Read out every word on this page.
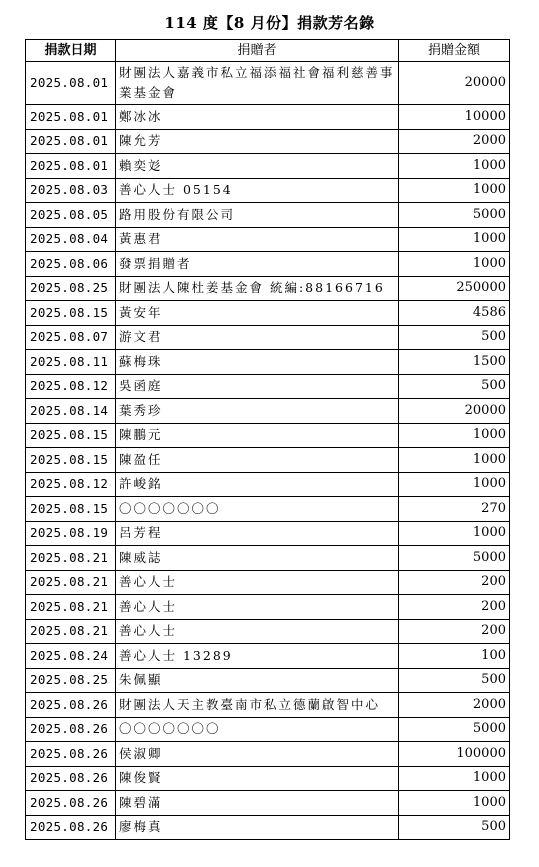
114 度【8 月份】捐款芳名錄
捐款日期	捐贈者	捐贈金額
2025.08.01	財團法人嘉義市私立福添福社會福利慈善事業基金會	20000
2025.08.01	鄭冰冰	10000
2025.08.01	陳允芳	2000
2025.08.01	賴奕彣	1000
2025.08.03	善心人士 05154	1000
2025.08.05	路用股份有限公司	5000
2025.08.04	黃惠君	1000
2025.08.06	發票捐贈者	1000
2025.08.25	財團法人陳杜姜基金會 統編:88166716	250000
2025.08.15	黃安年	4586
2025.08.07	游文君	500
2025.08.11	蘇梅珠	1500
2025.08.12	吳函庭	500
2025.08.14	葉秀珍	20000
2025.08.15	陳鵬元	1000
2025.08.15	陳盈任	1000
2025.08.12	許峻銘	1000
2025.08.15	〇〇〇〇〇〇〇	270
2025.08.19	呂芳程	1000
2025.08.21	陳威誌	5000
2025.08.21	善心人士	200
2025.08.21	善心人士	200
2025.08.21	善心人士	200
2025.08.24	善心人士 13289	100
2025.08.25	朱佩顯	500
2025.08.26	財團法人天主教臺南市私立德蘭啟智中心	2000
2025.08.26	〇〇〇〇〇〇〇	5000
2025.08.26	侯淑卿	100000
2025.08.26	陳俊賢	1000
2025.08.26	陳碧滿	1000
2025.08.26	廖梅真	500
